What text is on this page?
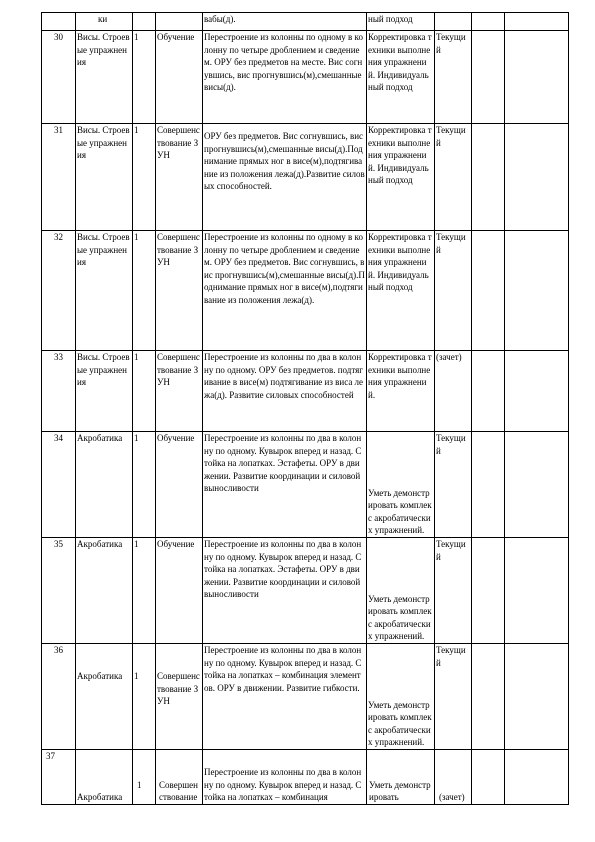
	ки			вабы(д).	ный подход			
30	Висы. Строевые упражнения	1	Обучение	Перестроение из колонны по одному в колонну по четыре дроблением и сведением. ОРУ без предметов на месте. Вис согнувшись, вис прогнувшись(м),смешанные висы(д).	Корректировка техники выполнения упражнений. Индивидуальный подход	Текущий		
31	Висы. Строевые упражнения	1	Совершенствование ЗУН	ОРУ без предметов. Вис согнувшись, вис прогнувшись(м),смешанные висы(д).Поднимание прямых ног в висе(м),подтягивание из положения лежа(д).Развитие силовых способностей.	Корректировка техники выполнения упражнений. Индивидуальный подход	Текущий		
32	Висы. Строевые упражнения	1	Совершенствование ЗУН	Перестроение из колонны по одному в колонну по четыре дроблением и сведением. ОРУ без предметов. Вис согнувшись, вис прогнувшись(м),смешанные висы(д).Поднимание прямых ног в висе(м),подтягивание из положения лежа(д).	Корректировка техники выполнения упражнений. Индивидуальный подход	Текущий		
33	Висы. Строевые упражнения	1	Совершенствование ЗУН	Перестроение из колонны по два в колонну по одному. ОРУ без предметов. подтягивание в висе(м) подтягивание из виса лежа(д). Развитие силовых способностей	Корректировка техники выполнения упражнений.	(зачет)		
34	Акробатика	1	Обучение	Перестроение из колонны по два в колонну по одному. Кувырок вперед и назад. Стойка на лопатках. Эстафеты. ОРУ в движении. Развитие координации и силовой выносливости	Уметь демонстрировать комплекс акробатических упражнений.	Текущий		
35	Акробатика	1	Обучение	Перестроение из колонны по два в колонну по одному. Кувырок вперед и назад. Стойка на лопатках. Эстафеты. ОРУ в движении. Развитие координации и силовой выносливости	Уметь демонстрировать комплекс акробатических упражнений.	Текущий		
36	Акробатика	1	Совершенствование ЗУН	Перестроение из колонны по два в колонну по одному. Кувырок вперед и назад. Стойка на лопатках – комбинация элементов. ОРУ в движении. Развитие гибкости.	Уметь демонстрировать комплекс акробатических упражнений.	Текущий		
37	Акробатика	1	Совершенствование	Перестроение из колонны по два в колонну по одному. Кувырок вперед и назад. Стойка на лопатках – комбинация	Уметь демонстрировать	(зачет)		
